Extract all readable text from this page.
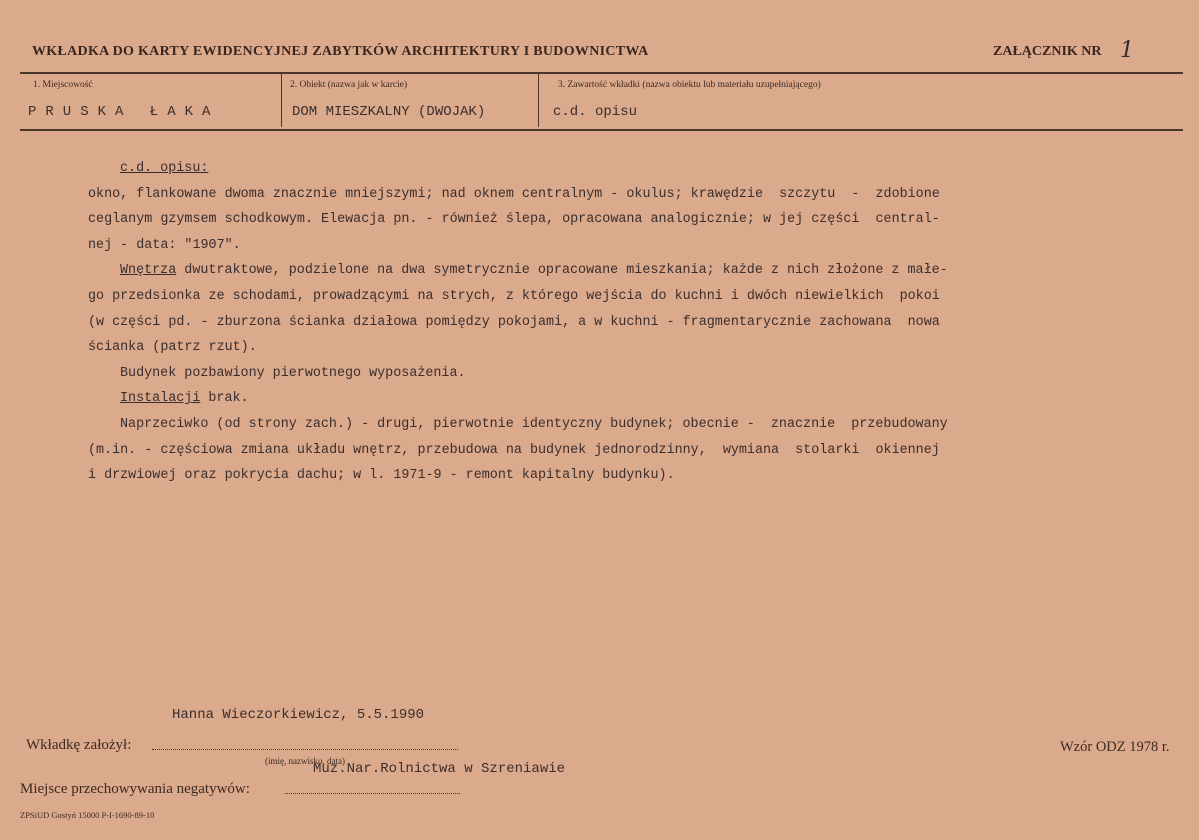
WKŁADKA DO KARTY EWIDENCYJNEJ ZABYTKÓW ARCHITEKTURY I BUDOWNICTWA	ZAŁĄCZNIK NR 1
1. Miejscowość
PRUSKA ŁAKA
2. Obiekt (nazwa jak w karcie)
DOM MIESZKALNY (DWOJAK)
3. Zawartość wkładki (nazwa obiektu lub materiału uzupełniającego)
c.d. opisu
c.d. opisu:
okno, flankowane dwoma znacznie mniejszymi; nad oknem centralnym - okulus; krawędzie  szczytu  -  zdobione
ceglanym gzymsem schodkowym. Elewacja pn. - również ślepa, opracowana analogicznie; w jej części  central-
nej - data: "1907".
Wnętrza dwutraktowe, podzielone na dwa symetrycznie opracowane mieszkania; każde z nich złożone z małe-
go przedsionka ze schodami, prowadzącymi na strych, z którego wejścia do kuchni i dwóch niewielkich  pokoi
(w części pd. - zburzona ścianka działowa pomiędzy pokojami, a w kuchni - fragmentarycznie zachowana  nowa
ścianka (patrz rzut).
Budynek pozbawiony pierwotnego wyposażenia.
Instalacji brak.
Naprzeciwko (od strony zach.) - drugi, pierwotnie identyczny budynek; obecnie -  znacznie  przebudowany
(m.in. - częściowa zmiana układu wnętrz, przebudowa na budynek jednorodzinny,  wymiana  stolarki  okiennej
i drzwiowej oraz pokrycia dachu; w l. 1971-9 - remont kapitalny budynku).
Hanna Wieczorkiewicz, 5.5.1990
Wkładkę założył:
(imię, nazwisko, data)
Muz.Nar.Rolnictwa w Szreniawie
Miejsce przechowywania negatywów:
Wzór ODZ 1978 r.
ZPSiUD Gostyń 15000 P-I-1690-89-10
